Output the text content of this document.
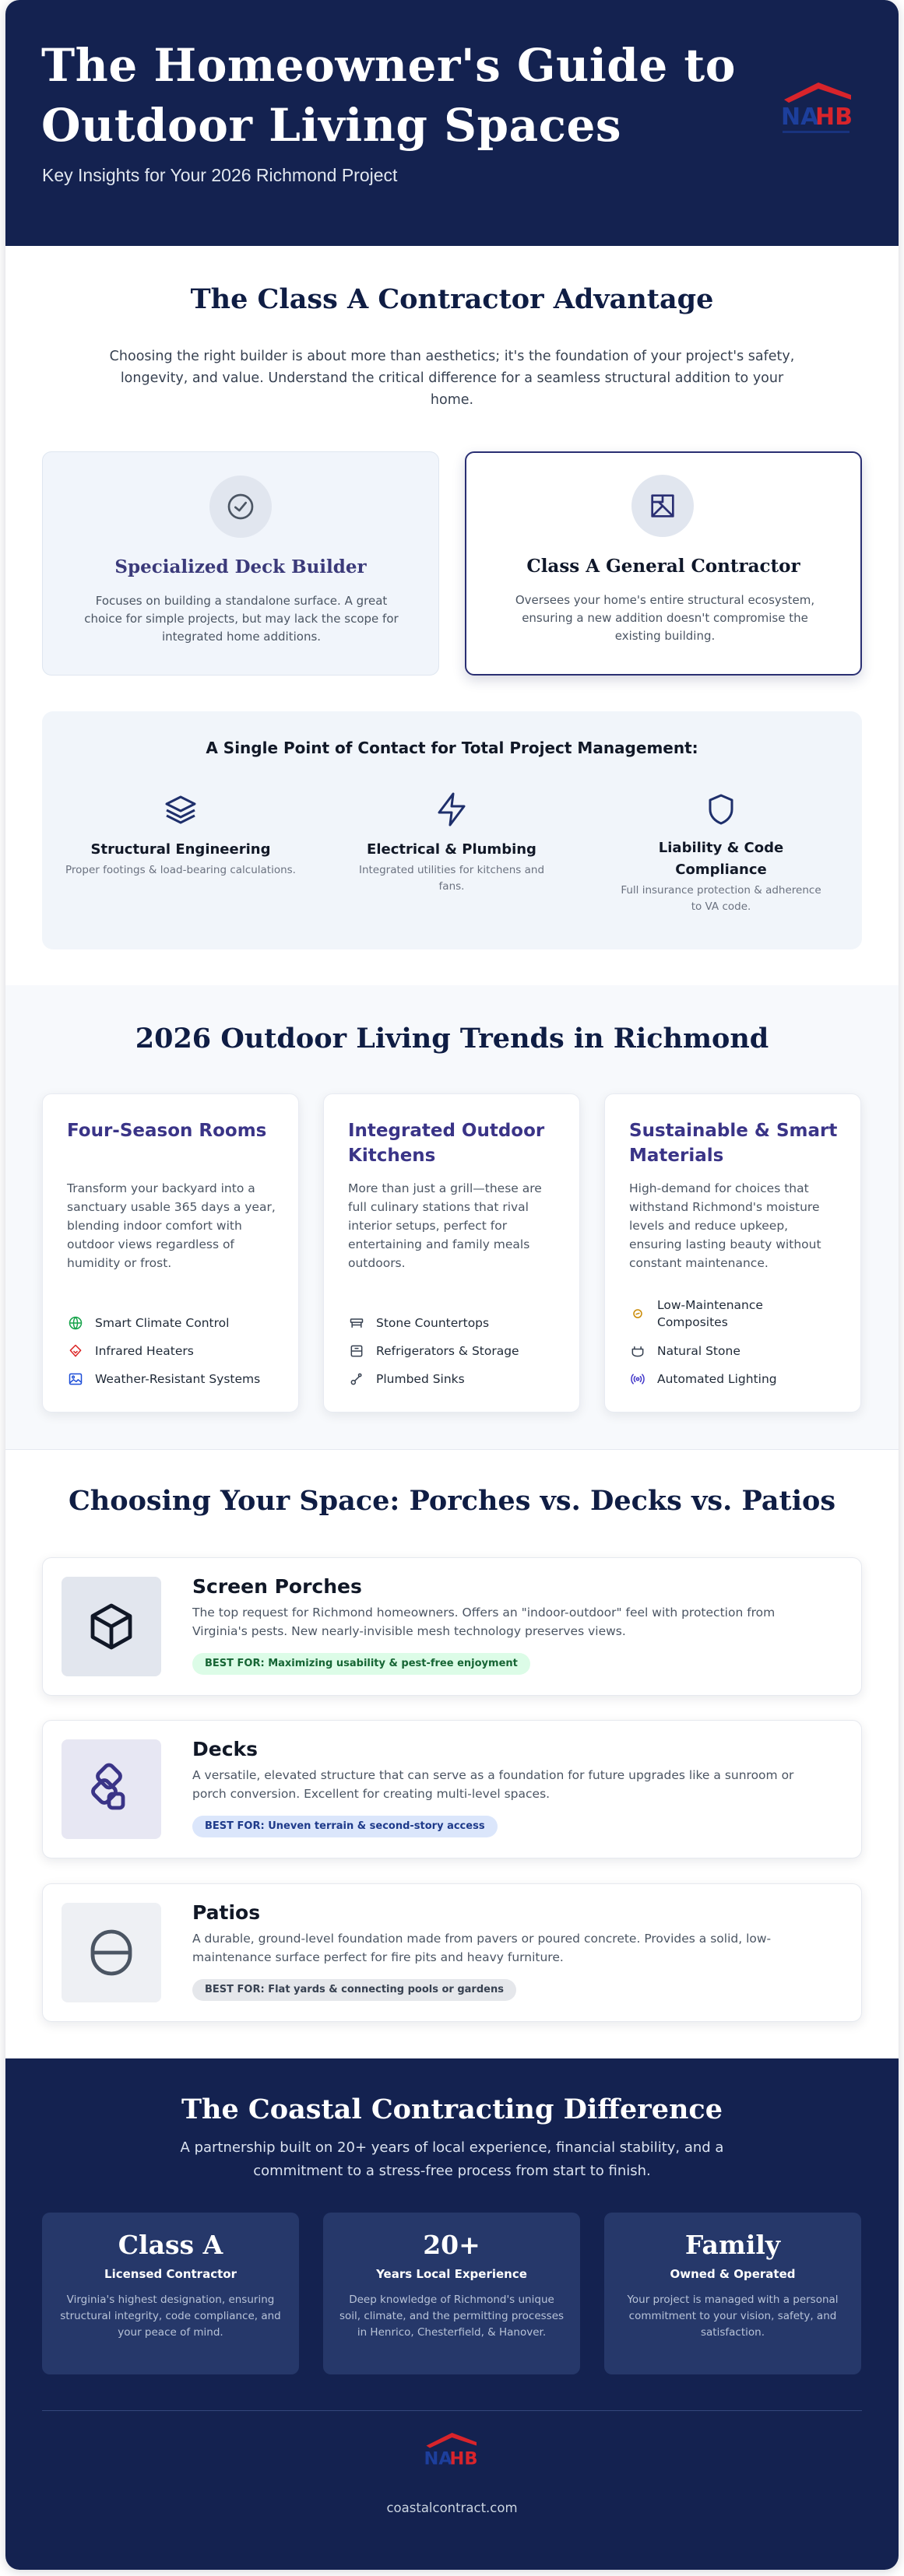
The Homeowner's Guide to
Outdoor Living Spaces
Key Insights for Your 2026 Richmond Project
NA
HB
The Class A Contractor Advantage
Choosing the right builder is about more than aesthetics; it's the foundation of your project's safety, longevity, and value. Understand the critical difference for a seamless structural addition to your home.
Specialized Deck Builder
Focuses on building a standalone surface. A great choice for simple projects, but may lack the scope for integrated home additions.
Class A General Contractor
Oversees your home's entire structural ecosystem, ensuring a new addition doesn't compromise the existing building.
A Single Point of Contact for Total Project Management:
Structural Engineering
Proper footings & load-bearing calculations.
Electrical & Plumbing
Integrated utilities for kitchens and fans.
Liability & Code Compliance
Full insurance protection & adherence to VA code.
2026 Outdoor Living Trends in Richmond
Four-Season Rooms
Transform your backyard into a sanctuary usable 365 days a year, blending indoor comfort with outdoor views regardless of humidity or frost.
Smart Climate Control
Infrared Heaters
Weather-Resistant Systems
Integrated Outdoor Kitchens
More than just a grill—these are full culinary stations that rival interior setups, perfect for entertaining and family meals outdoors.
Stone Countertops
Refrigerators & Storage
Plumbed Sinks
Sustainable & Smart Materials
High-demand for choices that withstand Richmond's moisture levels and reduce upkeep, ensuring lasting beauty without constant maintenance.
Low-Maintenance Composites
Natural Stone
Automated Lighting
Choosing Your Space: Porches vs. Decks vs. Patios
Screen Porches
The top request for Richmond homeowners. Offers an "indoor-outdoor" feel with protection from Virginia's pests. New nearly-invisible mesh technology preserves views.
BEST FOR: Maximizing usability & pest-free enjoyment
Decks
A versatile, elevated structure that can serve as a foundation for future upgrades like a sunroom or porch conversion. Excellent for creating multi-level spaces.
BEST FOR: Uneven terrain & second-story access
Patios
A durable, ground-level foundation made from pavers or poured concrete. Provides a solid, low-maintenance surface perfect for fire pits and heavy furniture.
BEST FOR: Flat yards & connecting pools or gardens
The Coastal Contracting Difference
A partnership built on 20+ years of local experience, financial stability, and a commitment to a stress-free process from start to finish.
Class A
Licensed Contractor
Virginia's highest designation, ensuring structural integrity, code compliance, and your peace of mind.
20+
Years Local Experience
Deep knowledge of Richmond's unique soil, climate, and the permitting processes in Henrico, Chesterfield, & Hanover.
Family
Owned & Operated
Your project is managed with a personal commitment to your vision, safety, and satisfaction.
NA
HB
coastalcontract.com
